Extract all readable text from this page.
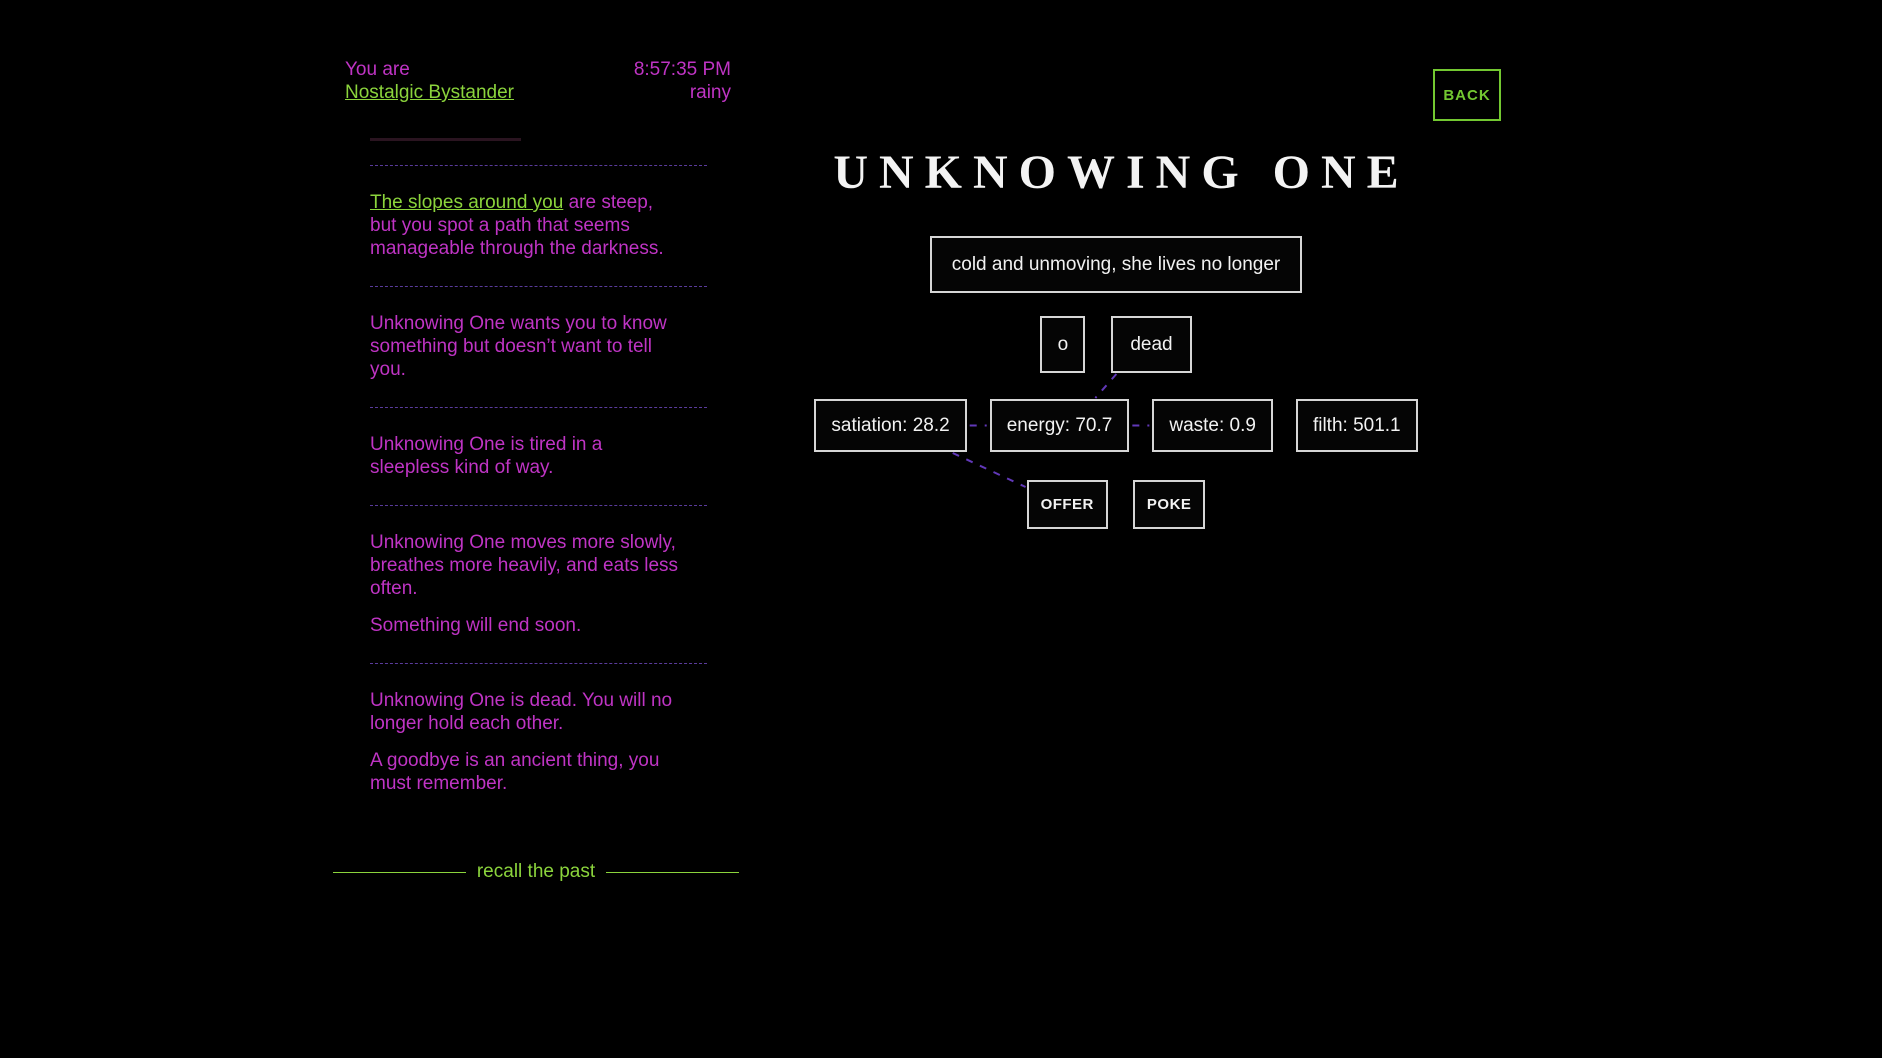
BACK
You are
Nostalgic Bystander
8:57:35 PM
rainy

The slopes around you are steep, but you spot a path that seems manageable through the darkness.

Unknowing One wants you to know something but doesn’t want to tell you.

Unknowing One is tired in a sleepless kind of way.

Unknowing One moves more slowly, breathes more heavily, and eats less often.

Something will end soon.

Unknowing One is dead. You will no longer hold each other.

A goodbye is an ancient thing, you must remember.

recall the past
UNKNOWING ONE
cold and unmoving, she lives no longer
o	dead
satiation: 28.2	energy: 70.7	waste: 0.9	filth: 501.1
OFFER	POKE
